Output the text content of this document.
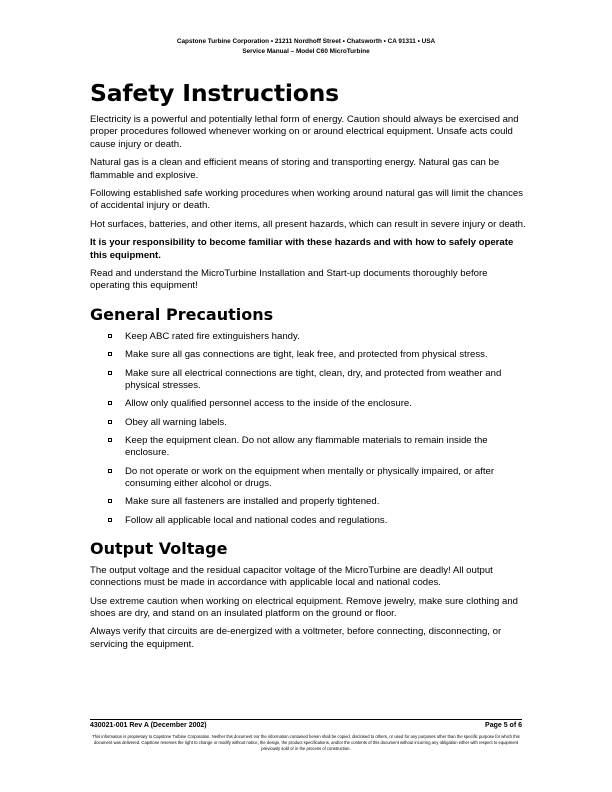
Capstone Turbine Corporation • 21211 Nordhoff Street • Chatsworth • CA 91311 • USA
Service Manual – Model C60 MicroTurbine
Safety Instructions

Electricity is a powerful and potentially lethal form of energy. Caution should always be exercised and proper procedures followed whenever working on or around electrical equipment. Unsafe acts could cause injury or death.

Natural gas is a clean and efficient means of storing and transporting energy. Natural gas can be flammable and explosive.

Following established safe working procedures when working around natural gas will limit the chances of accidental injury or death.

Hot surfaces, batteries, and other items, all present hazards, which can result in severe injury or death.

It is your responsibility to become familiar with these hazards and with how to safely operate this equipment.

Read and understand the MicroTurbine Installation and Start-up documents thoroughly before operating this equipment!

General Precautions
Keep ABC rated fire extinguishers handy.
Make sure all gas connections are tight, leak free, and protected from physical stress.
Make sure all electrical connections are tight, clean, dry, and protected from weather and physical stresses.
Allow only qualified personnel access to the inside of the enclosure.
Obey all warning labels.
Keep the equipment clean. Do not allow any flammable materials to remain inside the enclosure.
Do not operate or work on the equipment when mentally or physically impaired, or after consuming either alcohol or drugs.
Make sure all fasteners are installed and properly tightened.
Follow all applicable local and national codes and regulations.
Output Voltage

The output voltage and the residual capacitor voltage of the MicroTurbine are deadly! All output connections must be made in accordance with applicable local and national codes.

Use extreme caution when working on electrical equipment. Remove jewelry, make sure clothing and shoes are dry, and stand on an insulated platform on the ground or floor.

Always verify that circuits are de-energized with a voltmeter, before connecting, disconnecting, or servicing the equipment.

430021-001 Rev A (December 2002)	Page 5 of 6
This information is proprietary to Capstone Turbine Corporation. Neither this document nor the information contained herein shall be copied, disclosed to others, or used for any purposes other than the specific purpose for which this document was delivered. Capstone reserves the right to change or modify without notice, the design, the product specifications, and/or the contents of this document without incurring any obligation either with respect to equipment previously sold or in the process of construction.
